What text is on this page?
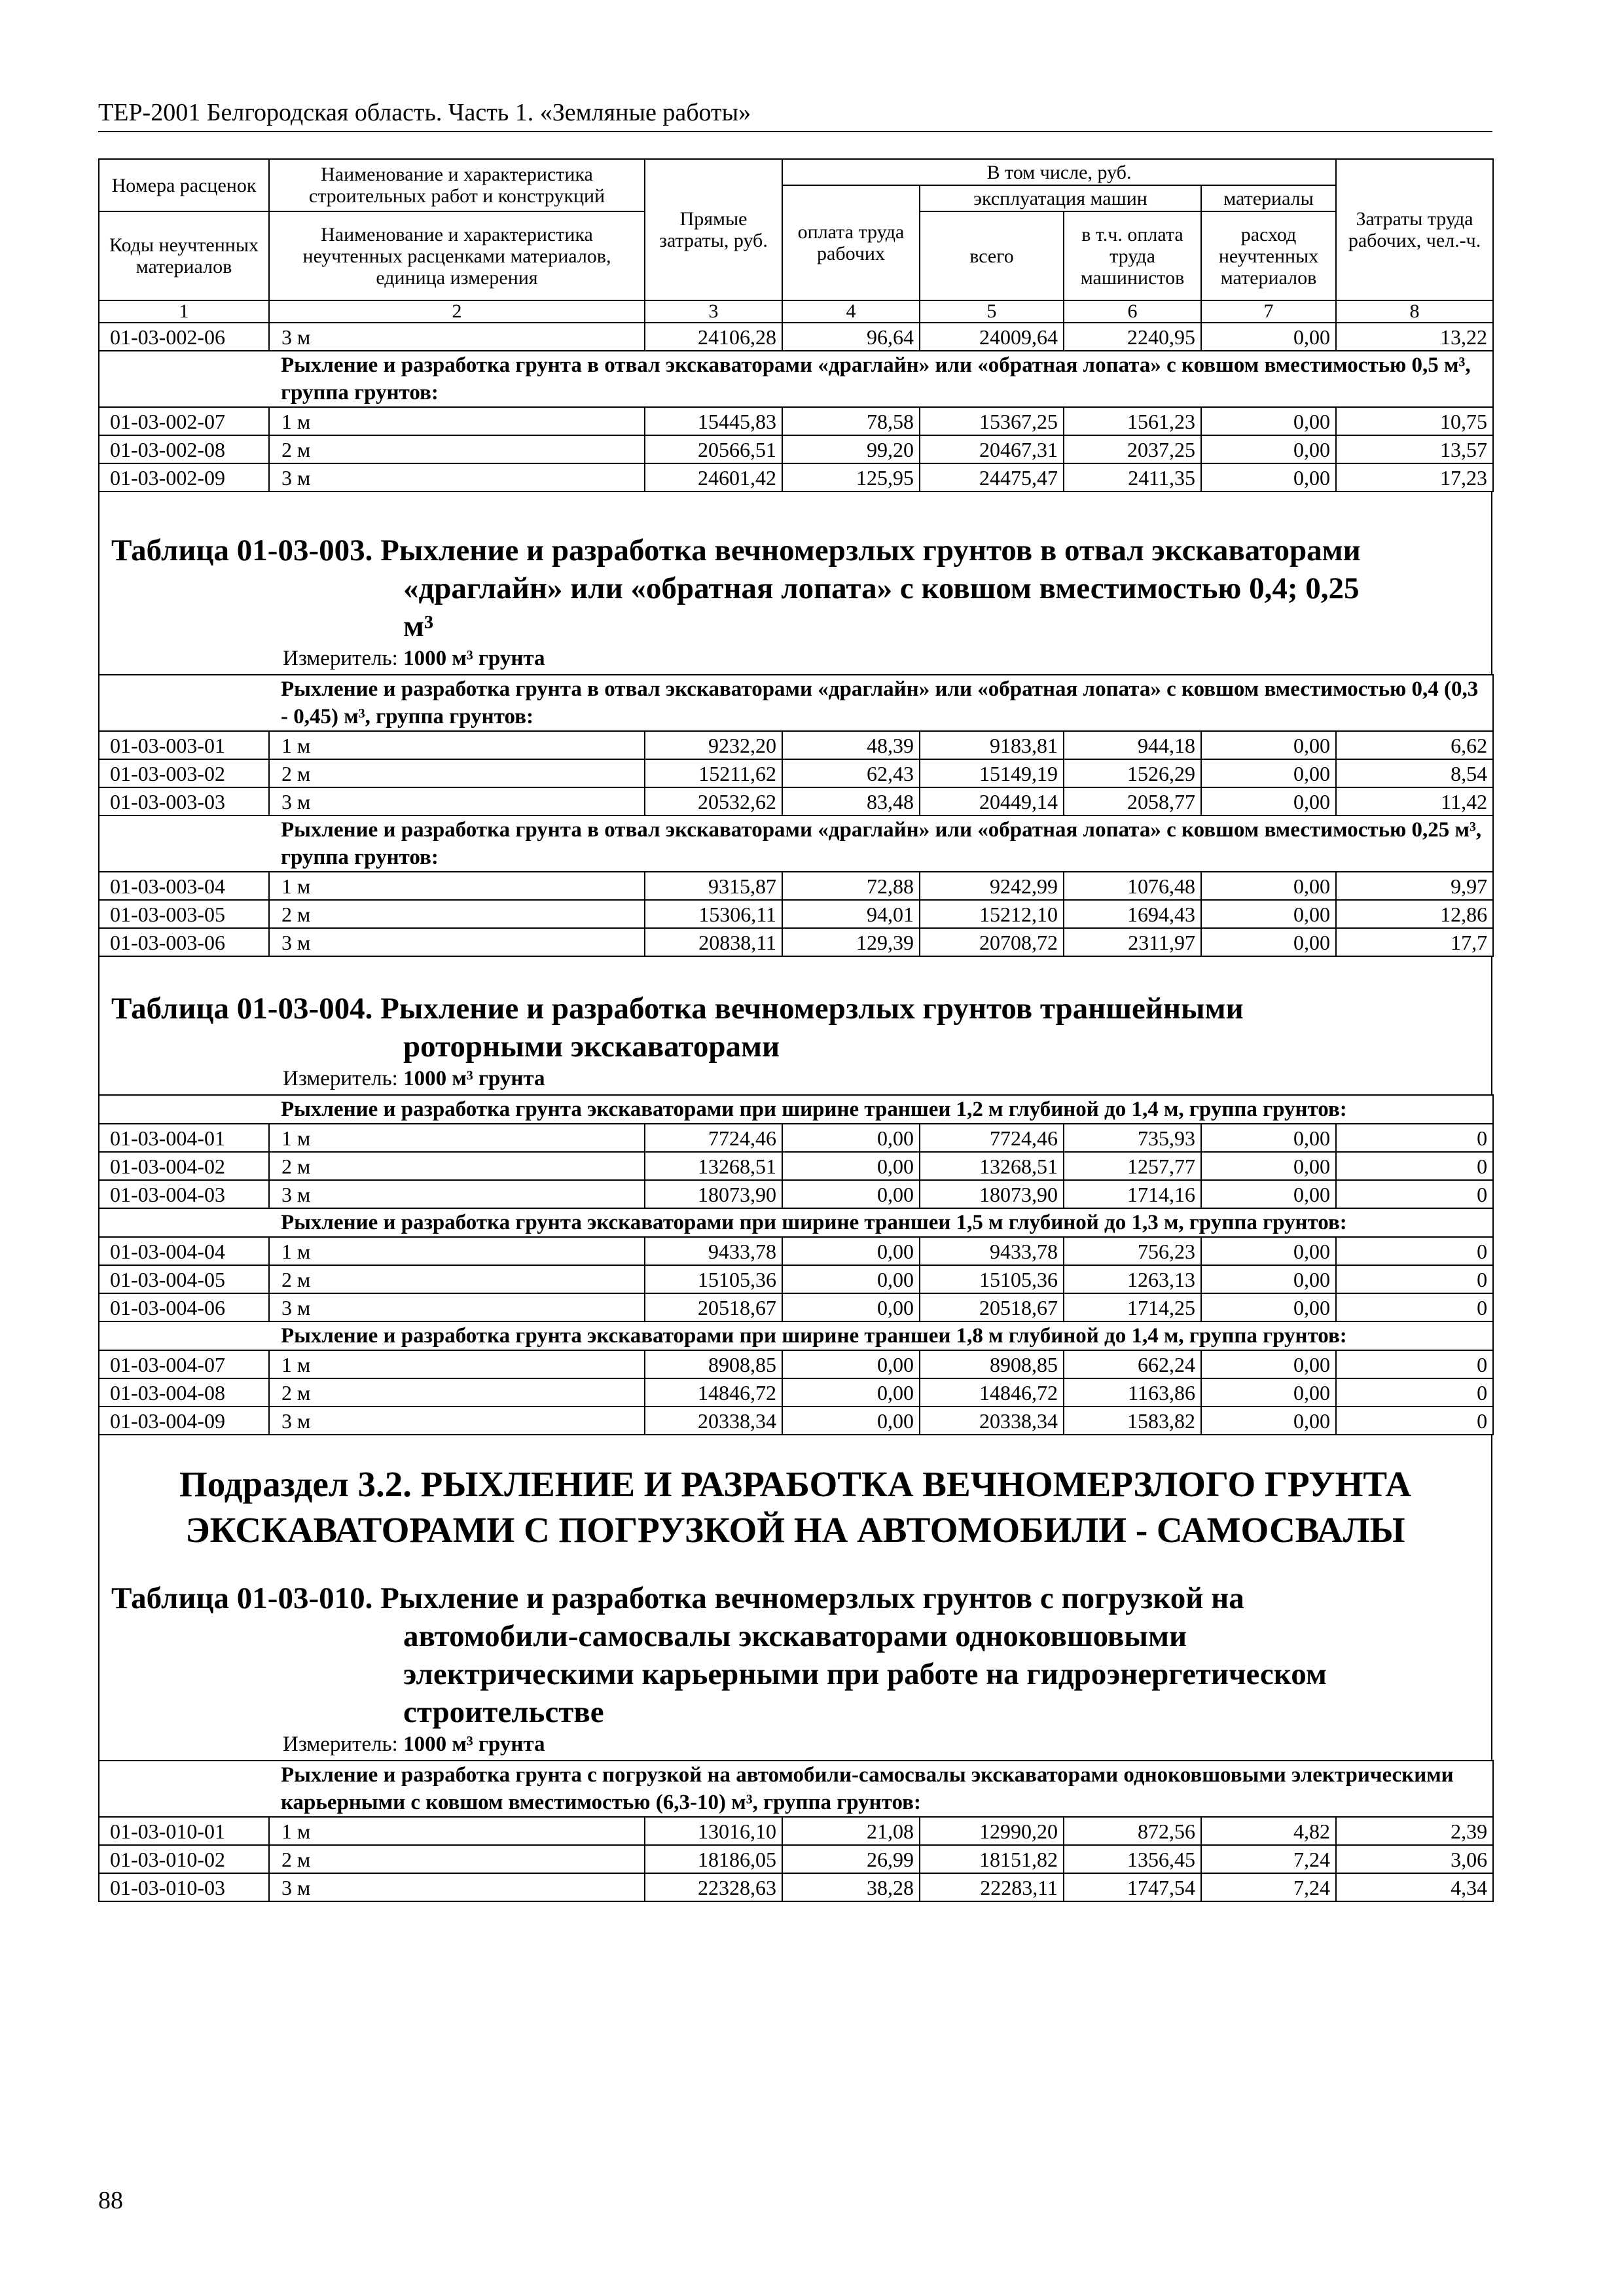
ТЕР-2001 Белгородская область. Часть 1. «Земляные работы»
Номера расценок	Наименование и характеристика строительных работ и конструкций	Прямые затраты, руб.	В том числе, руб.				Затраты труда рабочих, чел.-ч.
			оплата труда рабочих	эксплуатация машин		материалы	
Коды неучтенных материалов	Наименование и характеристика неучтенных расценками материалов, единица измерения			всего	в т.ч. оплата труда машинистов	расход неучтенных материалов	

1	2	3	4	5	6	7	8
01-03-002-06	3 м	24106,28	96,64	24009,64	2240,95	0,00	13,22
	Рыхление и разработка грунта в отвал экскаваторами «драглайн» или «обратная лопата» с ковшом вместимостью 0,5 м³, группа грунтов:						
01-03-002-07	1 м	15445,83	78,58	15367,25	1561,23	0,00	10,75
01-03-002-08	2 м	20566,51	99,20	20467,31	2037,25	0,00	13,57
01-03-002-09	3 м	24601,42	125,95	24475,47	2411,35	0,00	17,23
Таблица 01-03-003. Рыхление и разработка вечномерзлых грунтов в отвал экскаваторами
«драглайн» или «обратная лопата» с ковшом вместимостью 0,4; 0,25
м³
Измеритель: 1000 м³ грунта
	Рыхление и разработка грунта в отвал экскаваторами «драглайн» или «обратная лопата» с ковшом вместимостью 0,4 (0,3 - 0,45) м³, группа грунтов:						
01-03-003-01	1 м	9232,20	48,39	9183,81	944,18	0,00	6,62
01-03-003-02	2 м	15211,62	62,43	15149,19	1526,29	0,00	8,54
01-03-003-03	3 м	20532,62	83,48	20449,14	2058,77	0,00	11,42
	Рыхление и разработка грунта в отвал экскаваторами «драглайн» или «обратная лопата» с ковшом вместимостью 0,25 м³, группа грунтов:						
01-03-003-04	1 м	9315,87	72,88	9242,99	1076,48	0,00	9,97
01-03-003-05	2 м	15306,11	94,01	15212,10	1694,43	0,00	12,86
01-03-003-06	3 м	20838,11	129,39	20708,72	2311,97	0,00	17,7
Таблица 01-03-004. Рыхление и разработка вечномерзлых грунтов траншейными
роторными экскаваторами
Измеритель: 1000 м³ грунта
	Рыхление и разработка грунта экскаваторами при ширине траншеи 1,2 м глубиной до 1,4 м, группа грунтов:						
01-03-004-01	1 м	7724,46	0,00	7724,46	735,93	0,00	0
01-03-004-02	2 м	13268,51	0,00	13268,51	1257,77	0,00	0
01-03-004-03	3 м	18073,90	0,00	18073,90	1714,16	0,00	0
	Рыхление и разработка грунта экскаваторами при ширине траншеи 1,5 м глубиной до 1,3 м, группа грунтов:						
01-03-004-04	1 м	9433,78	0,00	9433,78	756,23	0,00	0
01-03-004-05	2 м	15105,36	0,00	15105,36	1263,13	0,00	0
01-03-004-06	3 м	20518,67	0,00	20518,67	1714,25	0,00	0
	Рыхление и разработка грунта экскаваторами при ширине траншеи 1,8 м глубиной до 1,4 м, группа грунтов:						
01-03-004-07	1 м	8908,85	0,00	8908,85	662,24	0,00	0
01-03-004-08	2 м	14846,72	0,00	14846,72	1163,86	0,00	0
01-03-004-09	3 м	20338,34	0,00	20338,34	1583,82	0,00	0
Подраздел 3.2. РЫХЛЕНИЕ И РАЗРАБОТКА ВЕЧНОМЕРЗЛОГО ГРУНТА
ЭКСКАВАТОРАМИ С ПОГРУЗКОЙ НА АВТОМОБИЛИ - САМОСВАЛЫ
Таблица 01-03-010. Рыхление и разработка вечномерзлых грунтов с погрузкой на
автомобили-самосвалы экскаваторами одноковшовыми
электрическими карьерными при работе на гидроэнергетическом
строительстве
Измеритель: 1000 м³ грунта
	Рыхление и разработка грунта с погрузкой на автомобили-самосвалы экскаваторами одноковшовыми электрическими карьерными с ковшом вместимостью (6,3-10) м³, группа грунтов:						
01-03-010-01	1 м	13016,10	21,08	12990,20	872,56	4,82	2,39
01-03-010-02	2 м	18186,05	26,99	18151,82	1356,45	7,24	3,06
01-03-010-03	3 м	22328,63	38,28	22283,11	1747,54	7,24	4,34
88
